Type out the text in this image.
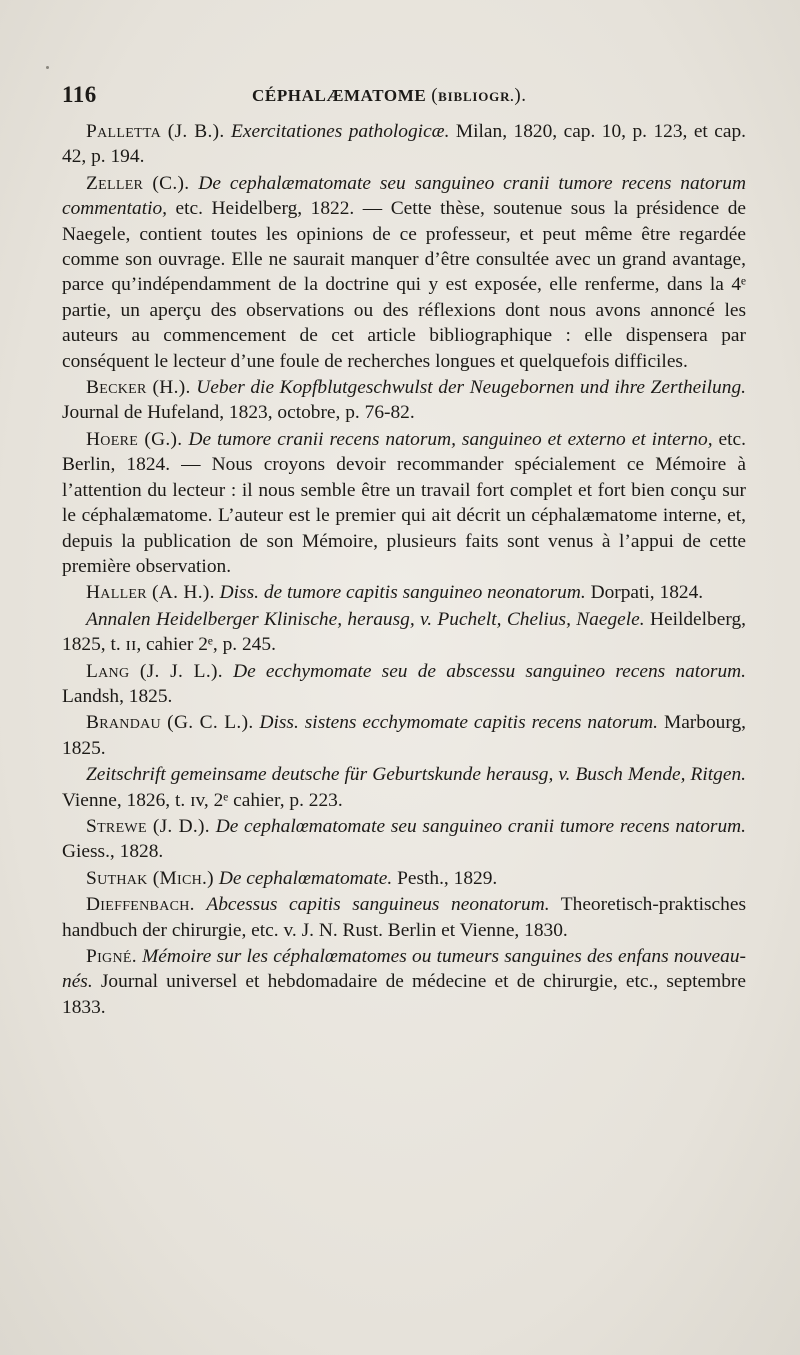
116	CÉPHALÆMATOME (BIBLIOGR.).

Palletta (J. B.). Exercitationes pathologicæ. Milan, 1820, cap. 10, p. 123, et cap. 42, p. 194.

Zeller (C.). De cephalæmatomate seu sanguineo cranii tumore recens natorum commentatio, etc. Heidelberg, 1822. — Cette thèse, soutenue sous la présidence de Naegele, contient toutes les opinions de ce professeur, et peut même être regardée comme son ouvrage. Elle ne saurait manquer d’être consultée avec un grand avantage, parce qu’indépendamment de la doctrine qui y est exposée, elle renferme, dans la 4ᵉ partie, un aperçu des observations ou des réflexions dont nous avons annoncé les auteurs au commencement de cet article bibliographique : elle dispensera par conséquent le lecteur d’une foule de recherches longues et quelquefois difficiles.

Becker (H.). Ueber die Kopfblutgeschwulst der Neugebornen und ihre Zertheilung. Journal de Hufeland, 1823, octobre, p. 76-82.

Hoere (G.). De tumore cranii recens natorum, sanguineo et externo et interno, etc. Berlin, 1824. — Nous croyons devoir recommander spécialement ce Mémoire à l’attention du lecteur : il nous semble être un travail fort complet et fort bien conçu sur le céphalæmatome. L’auteur est le premier qui ait décrit un céphalæmatome interne, et, depuis la publication de son Mémoire, plusieurs faits sont venus à l’appui de cette première observation.

Haller (A. H.). Diss. de tumore capitis sanguineo neonatorum. Dorpati, 1824.

Annalen Heidelberger Klinische, herausg, v. Puchelt, Chelius, Naegele. Heildelberg, 1825, t. ɪɪ, cahier 2ᵉ, p. 245.

Lang (J. J. L.). De ecchymomate seu de abscessu sanguineo recens natorum. Landsh, 1825.

Brandau (G. C. L.). Diss. sistens ecchymomate capitis recens natorum. Marbourg, 1825.

Zeitschrift gemeinsame deutsche für Geburtskunde herausg, v. Busch Mende, Ritgen. Vienne, 1826, t. ɪv, 2ᵉ cahier, p. 223.

Strewe (J. D.). De cephalœmatomate seu sanguineo cranii tumore recens natorum. Giess., 1828.

Suthak (Mich.) De cephalœmatomate. Pesth., 1829.

Dieffenbach. Abcessus capitis sanguineus neonatorum. Theoretisch-praktisches handbuch der chirurgie, etc. v. J. N. Rust. Berlin et Vienne, 1830.

Pigné. Mémoire sur les céphalœmatomes ou tumeurs sanguines des enfans nouveau-nés. Journal universel et hebdomadaire de médecine et de chirurgie, etc., septembre 1833.
